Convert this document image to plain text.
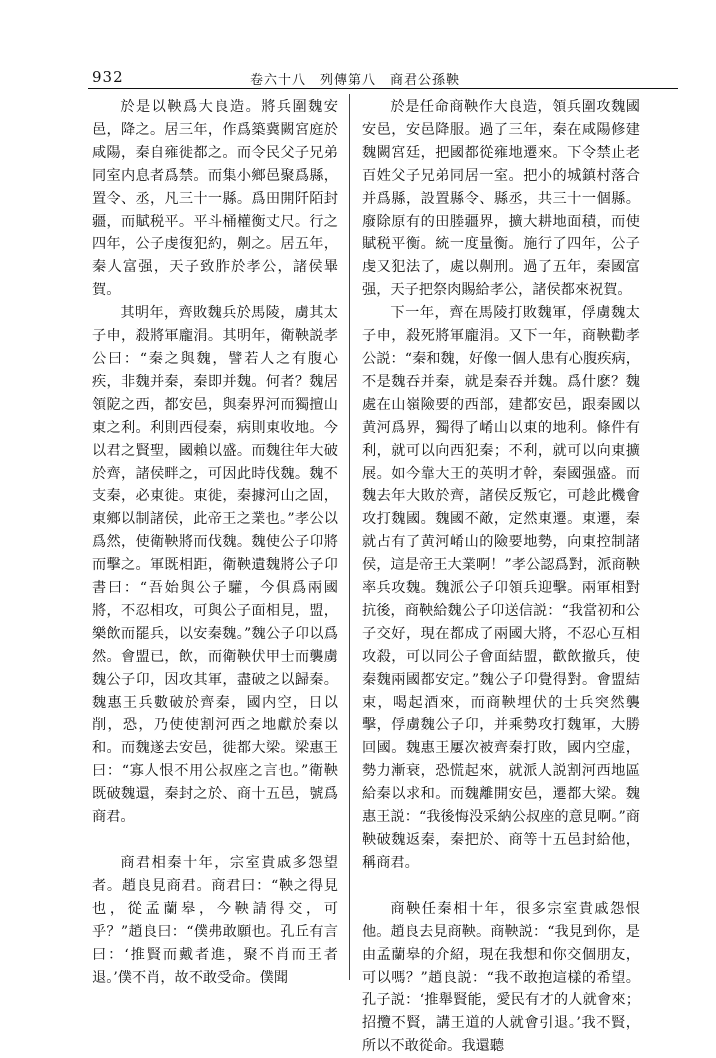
932	卷六十八　列傳第八　商君公孫鞅

於是以鞅爲大良造。將兵圍魏安邑，降之。居三年，作爲築冀闕宮庭於咸陽，秦自雍徙都之。而令民父子兄弟同室内息者爲禁。而集小鄉邑聚爲縣，置令、丞，凡三十一縣。爲田開阡陌封疆，而賦税平。平斗桶權衡丈尺。行之四年，公子虔復犯約，劓之。居五年，秦人富强，天子致胙於孝公，諸侯畢賀。

其明年，齊敗魏兵於馬陵，虜其太子申，殺將軍龐涓。其明年，衛鞅説孝公曰：“秦之與魏，譬若人之有腹心疾，非魏并秦，秦即并魏。何者？魏居領阸之西，都安邑，與秦界河而獨擅山東之利。利則西侵秦，病則東收地。今以君之賢聖，國賴以盛。而魏往年大破於齊，諸侯畔之，可因此時伐魏。魏不支秦，必東徙。東徙，秦據河山之固，東鄉以制諸侯，此帝王之業也。”孝公以爲然，使衛鞅將而伐魏。魏使公子卬將而擊之。軍既相距，衛鞅遺魏將公子卬書曰：“吾始與公子驩，今俱爲兩國將，不忍相攻，可與公子面相見，盟，樂飲而罷兵，以安秦魏。”魏公子卬以爲然。會盟已，飲，而衛鞅伏甲士而襲虜魏公子卬，因攻其軍，盡破之以歸秦。魏惠王兵數破於齊秦，國内空，日以削，恐，乃使使割河西之地獻於秦以和。而魏遂去安邑，徙都大梁。梁惠王曰：“寡人恨不用公叔座之言也。”衛鞅既破魏還，秦封之於、商十五邑，號爲商君。

商君相秦十年，宗室貴戚多怨望者。趙良見商君。商君曰：“鞅之得見也，從孟蘭皋，今鞅請得交，可乎？”趙良曰：“僕弗敢願也。孔丘有言曰：‘推賢而戴者進，聚不肖而王者退。’僕不肖，故不敢受命。僕聞

於是任命商鞅作大良造，領兵圍攻魏國安邑，安邑降服。過了三年，秦在咸陽修建魏闕宮廷，把國都從雍地遷來。下令禁止老百姓父子兄弟同居一室。把小的城鎮村落合并爲縣，設置縣令、縣丞，共三十一個縣。廢除原有的田塍疆界，擴大耕地面積，而使賦税平衡。統一度量衡。施行了四年，公子虔又犯法了，處以劓刑。過了五年，秦國富强，天子把祭肉賜給孝公，諸侯都來祝賀。

下一年，齊在馬陵打敗魏軍，俘虜魏太子申，殺死將軍龐涓。又下一年，商鞅勸孝公説：“秦和魏，好像一個人患有心腹疾病，不是魏吞并秦，就是秦吞并魏。爲什麽？魏處在山嶺險要的西部，建都安邑，跟秦國以黄河爲界，獨得了崤山以東的地利。條件有利，就可以向西犯秦；不利，就可以向東擴展。如今靠大王的英明才幹，秦國强盛。而魏去年大敗於齊，諸侯反叛它，可趁此機會攻打魏國。魏國不敵，定然東遷。東遷，秦就占有了黄河崤山的險要地勢，向東控制諸侯，這是帝王大業啊！”孝公認爲對，派商鞅率兵攻魏。魏派公子卬領兵迎擊。兩軍相對抗後，商鞅給魏公子卬送信説：“我當初和公子交好，現在都成了兩國大將，不忍心互相攻殺，可以同公子會面結盟，歡飲撤兵，使秦魏兩國都安定。”魏公子卬覺得對。會盟結束，喝起酒來，而商鞅埋伏的士兵突然襲擊，俘虜魏公子卬，并乘勢攻打魏軍，大勝回國。魏惠王屢次被齊秦打敗，國内空虚，勢力漸衰，恐慌起來，就派人説割河西地區給秦以求和。而魏離開安邑，遷都大梁。魏惠王説：“我後悔没采納公叔座的意見啊。”商鞅破魏返秦，秦把於、商等十五邑封給他，稱商君。

商鞅任秦相十年，很多宗室貴戚怨恨他。趙良去見商鞅。商鞅説：“我見到你，是由孟蘭皋的介紹，現在我想和你交個朋友，可以嗎？”趙良説：“我不敢抱這樣的希望。孔子説：‘推舉賢能，愛民有才的人就會來；招攬不賢，講王道的人就會引退。’我不賢，所以不敢從命。我還聽
